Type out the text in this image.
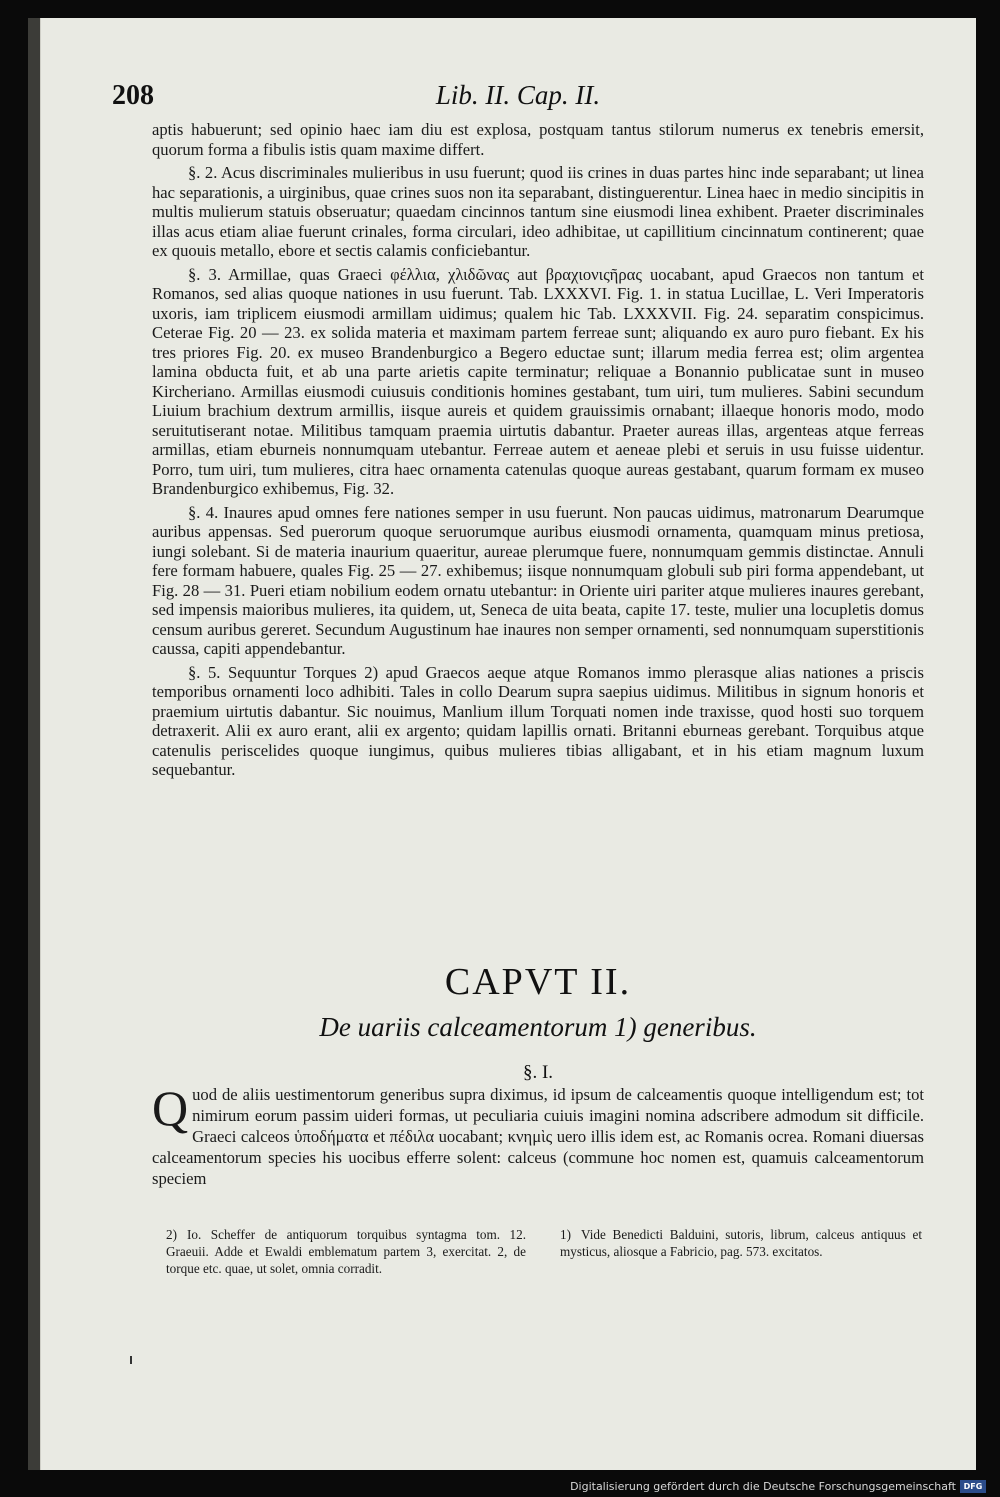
Lib. II. Cap. II.
208

aptis habuerunt; sed opinio haec iam diu est explosa, postquam tantus stilorum numerus ex tenebris emersit, quorum forma a fibulis istis quam maxime differt.

§. 2. Acus discriminales mulieribus in usu fuerunt; quod iis crines in duas partes hinc inde separabant; ut linea hac separationis, a uirginibus, quae crines suos non ita separabant, distinguerentur. Linea haec in medio sincipitis in multis mulierum statuis obseruatur; quaedam cincinnos tantum sine eiusmodi linea exhibent. Praeter discriminales illas acus etiam aliae fuerunt crinales, forma circulari, ideo adhibitae, ut capillitium cincinnatum continerent; quae ex quouis metallo, ebore et sectis calamis conficiebantur.

§. 3. Armillae, quas Graeci φέλλια, χλιδῶνας aut βραχιονιςῆρας uocabant, apud Graecos non tantum et Romanos, sed alias quoque nationes in usu fuerunt. Tab. LXXXVI. Fig. 1. in statua Lucillae, L. Veri Imperatoris uxoris, iam triplicem eiusmodi armillam uidimus; qualem hic Tab. LXXXVII. Fig. 24. separatim conspicimus. Ceterae Fig. 20 — 23. ex solida materia et maximam partem ferreae sunt; aliquando ex auro puro fiebant. Ex his tres priores Fig. 20. ex museo Brandenburgico a Begero eductae sunt; illarum media ferrea est; olim argentea lamina obducta fuit, et ab una parte arietis capite terminatur; reliquae a Bonannio publicatae sunt in museo Kircheriano. Armillas eiusmodi cuiusuis conditionis homines gestabant, tum uiri, tum mulieres. Sabini secundum Liuium brachium dextrum armillis, iisque aureis et quidem grauissimis ornabant; illaeque honoris modo, modo seruitutiserant notae. Militibus tamquam praemia uirtutis dabantur. Praeter aureas illas, argenteas atque ferreas armillas, etiam eburneis nonnumquam utebantur. Ferreae autem et aeneae plebi et seruis in usu fuisse uidentur. Porro, tum uiri, tum mulieres, citra haec ornamenta catenulas quoque aureas gestabant, quarum formam ex museo Brandenburgico exhibemus, Fig. 32.

§. 4. Inaures apud omnes fere nationes semper in usu fuerunt. Non paucas uidimus, matronarum Dearumque auribus appensas. Sed puerorum quoque seruorumque auribus eiusmodi ornamenta, quamquam minus pretiosa, iungi solebant. Si de materia inaurium quaeritur, aureae plerumque fuere, nonnumquam gemmis distinctae. Annuli fere formam habuere, quales Fig. 25 — 27. exhibemus; iisque nonnumquam globuli sub piri forma appendebant, ut Fig. 28 — 31. Pueri etiam nobilium eodem ornatu utebantur: in Oriente uiri pariter atque mulieres inaures gerebant, sed impensis maioribus mulieres, ita quidem, ut, Seneca de uita beata, capite 17. teste, mulier una locupletis domus censum auribus gereret. Secundum Augustinum hae inaures non semper ornamenti, sed nonnumquam superstitionis caussa, capiti appendebantur.

§. 5. Sequuntur Torques 2) apud Graecos aeque atque Romanos immo plerasque alias nationes a priscis temporibus ornamenti loco adhibiti. Tales in collo Dearum supra saepius uidimus. Militibus in signum honoris et praemium uirtutis dabantur. Sic nouimus, Manlium illum Torquati nomen inde traxisse, quod hosti suo torquem detraxerit. Alii ex auro erant, alii ex argento; quidam lapillis ornati. Britanni eburneas gerebant. Torquibus atque catenulis periscelides quoque iungimus, quibus mulieres tibias alligabant, et in his etiam magnum luxum sequebantur.

CAPVT II.
De uariis calceamentorum 1) generibus.
§. I.
Q uod de aliis uestimentorum generibus supra diximus, id ipsum de calceamentis quoque intelligendum est; tot nimirum eorum passim uideri formas, ut peculiaria cuiuis imagini nomina adscribere admodum sit difficile. Graeci calceos ὑποδήματα et πέδιλα uocabant; κνημὶς uero illis idem est, ac Romanis ocrea. Romani diuersas calceamentorum species his uocibus efferre solent: calceus (commune hoc nomen est, quamuis calceamentorum speciem
2) Io. Scheffer de antiquorum torquibus syntagma tom. 12. Graeuii. Adde et Ewaldi emblematum partem 3, exercitat. 2, de torque etc. quae, ut solet, omnia corradit.
1) Vide Benedicti Balduini, sutoris, librum, calceus antiquus et mysticus, aliosque a Fabricio, pag. 573. excitatos.
Digitalisierung gefördert durch die Deutsche Forschungsgemeinschaft DFG
